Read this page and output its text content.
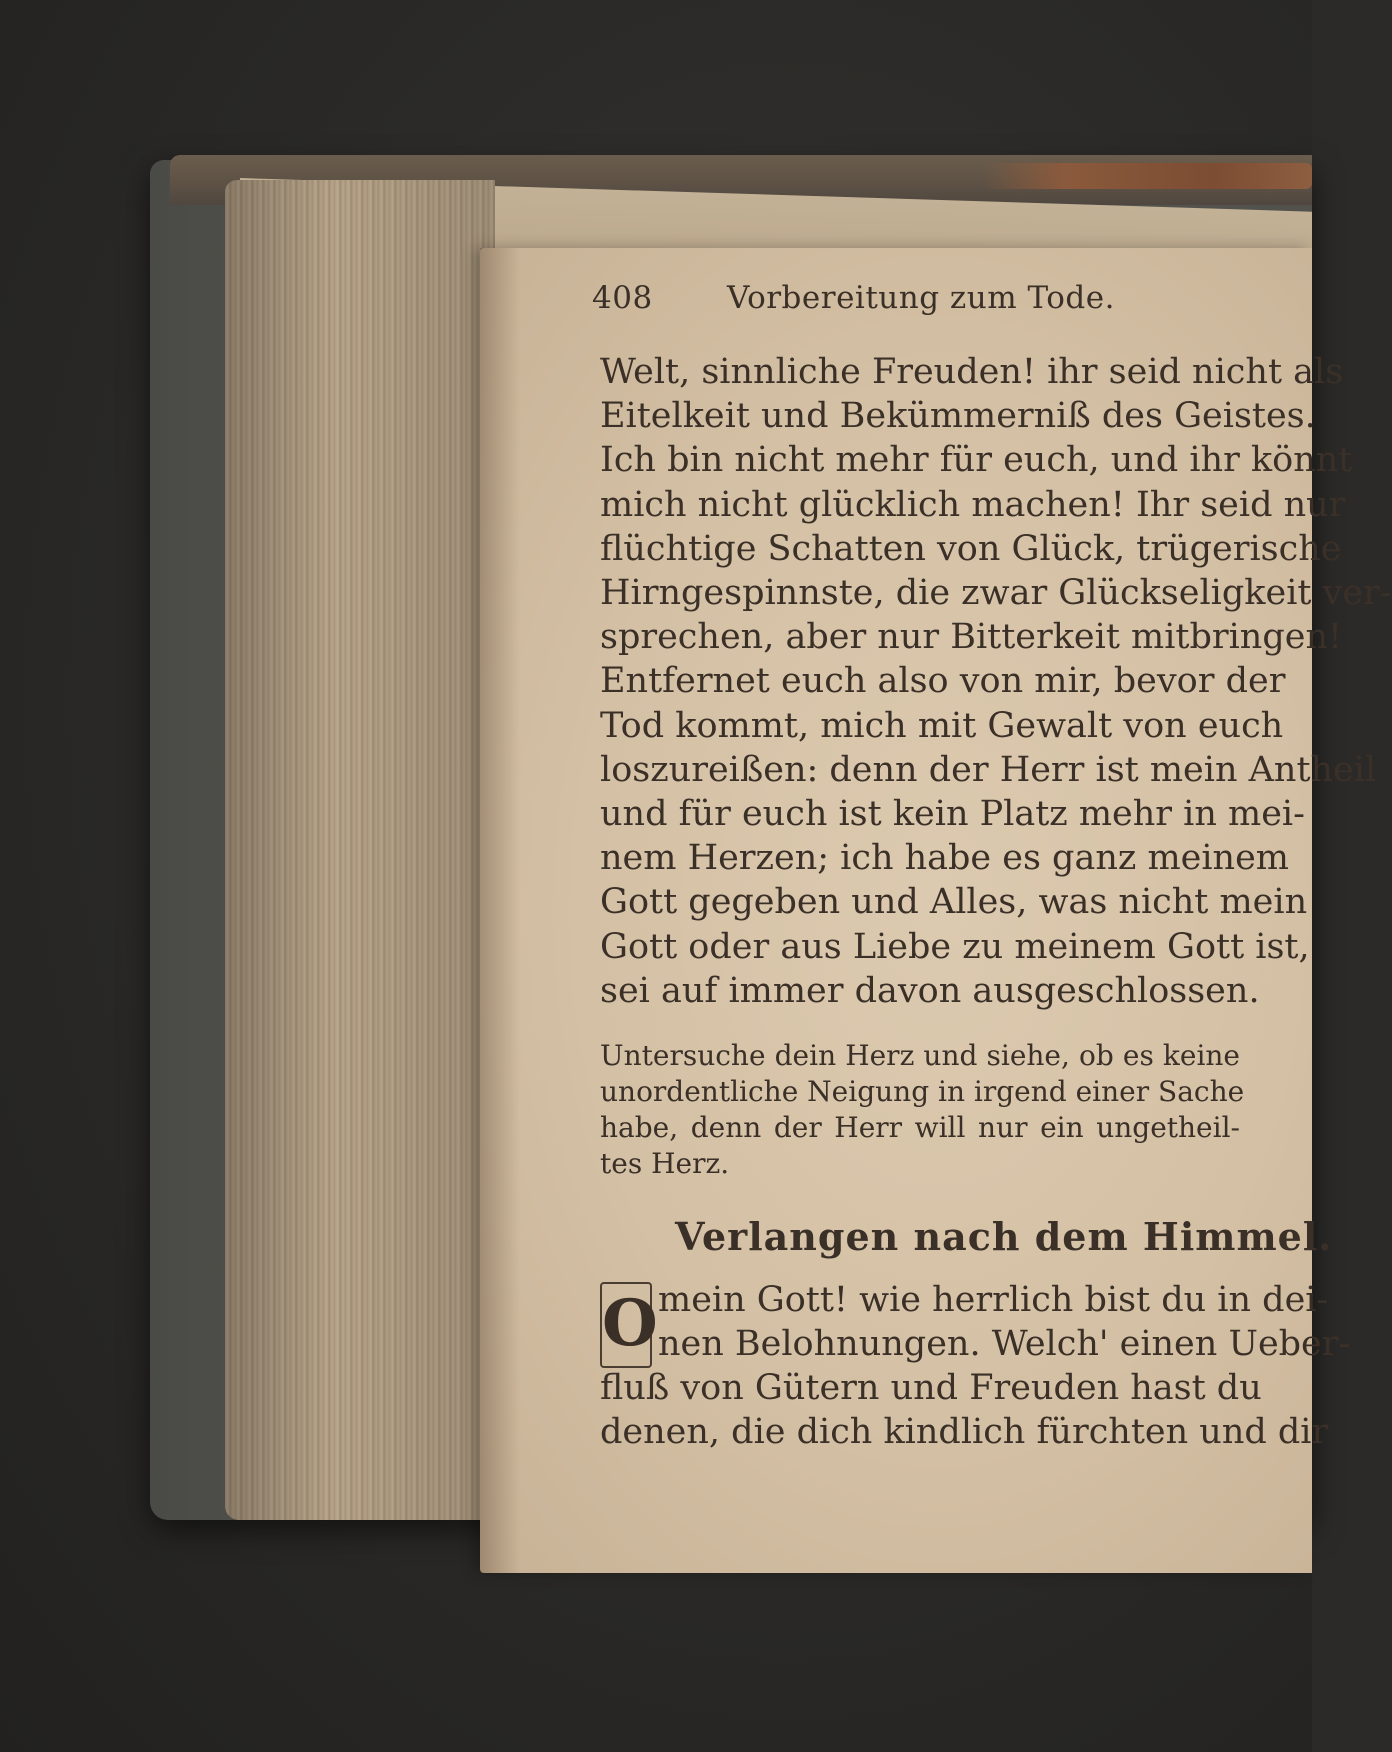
408 Vorbereitung zum Tode.
Welt, sinnliche Freuden! ihr seid nicht als
Eitelkeit und Bekümmerniß des Geistes.
Ich bin nicht mehr für euch, und ihr könnt
mich nicht glücklich machen! Ihr seid nur
flüchtige Schatten von Glück, trügerische
Hirngespinnste, die zwar Glückseligkeit ver-
sprechen, aber nur Bitterkeit mitbringen!
Entfernet euch also von mir, bevor der
Tod kommt, mich mit Gewalt von euch
loszureißen: denn der Herr ist mein Antheil
und für euch ist kein Platz mehr in mei-
nem Herzen; ich habe es ganz meinem
Gott gegeben und Alles, was nicht mein
Gott oder aus Liebe zu meinem Gott ist,
sei auf immer davon ausgeschlossen.
Untersuche dein Herz und siehe, ob es keine
unordentliche Neigung in irgend einer Sache
habe, denn der Herr will nur ein ungetheil-
tes Herz.
Verlangen nach dem Himmel.
O mein Gott! wie herrlich bist du in dei-
nen Belohnungen. Welch' einen Ueber-
fluß von Gütern und Freuden hast du
denen, die dich kindlich fürchten und dir
